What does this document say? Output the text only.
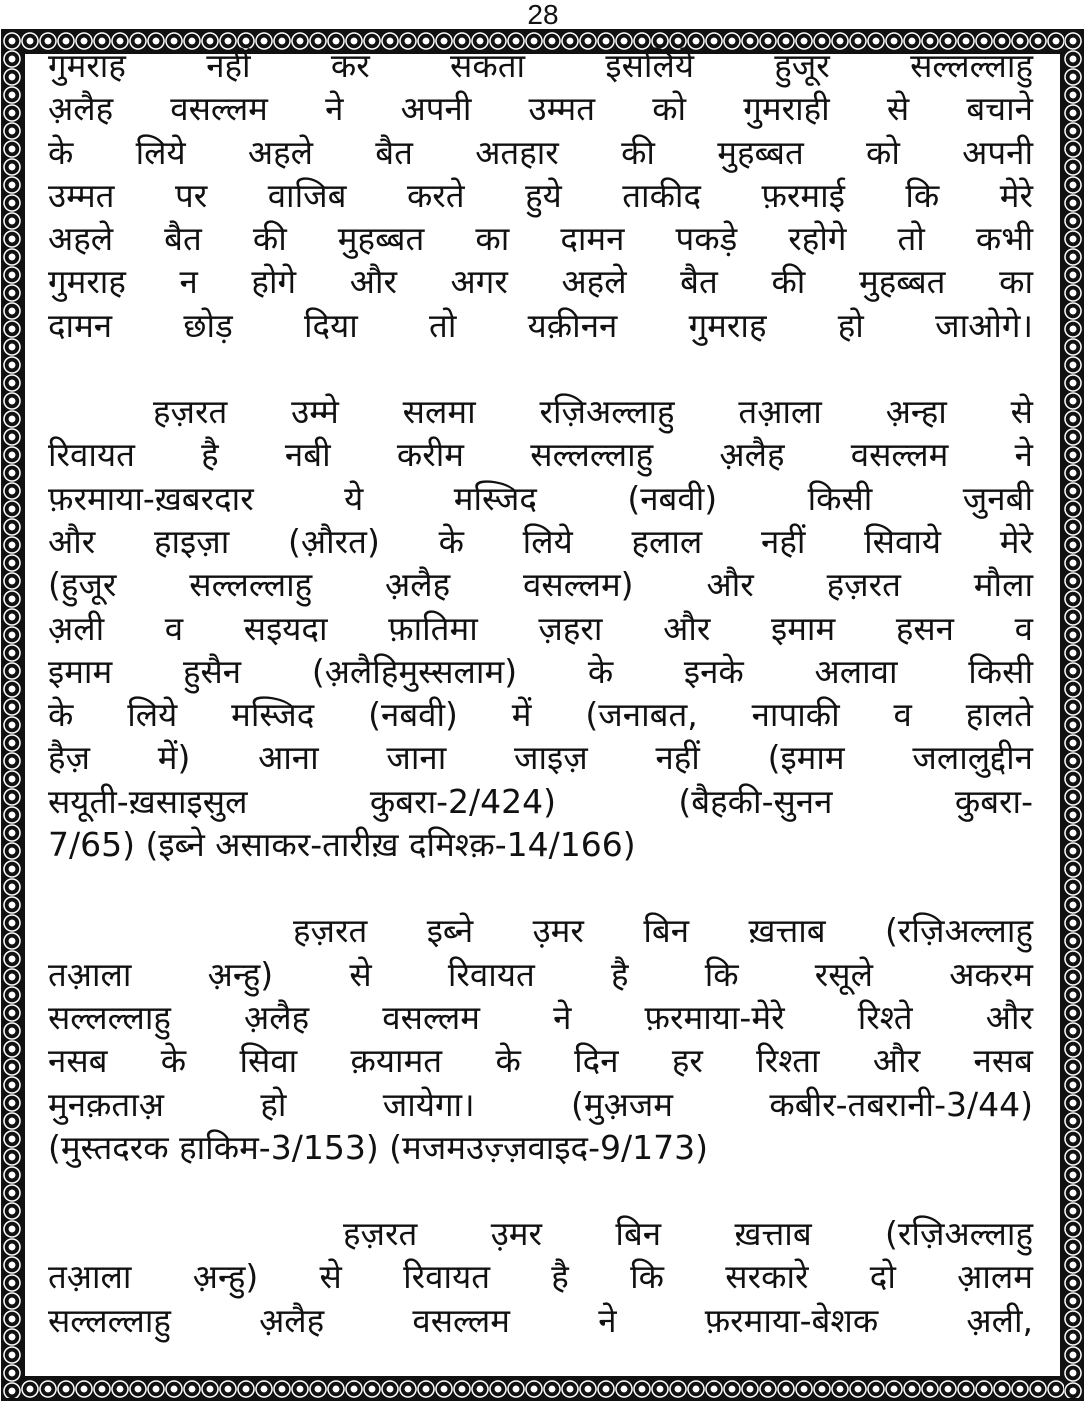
28
गुमराह नहीं कर सकता इसलिये हुजूर सल्लल्लाहु
अ़लैह वसल्लम ने अपनी उम्मत को गुमराही से बचाने
के लिये अहले बैत अतहार की मुहब्बत को अपनी
उम्मत पर वाजिब करते हुये ताकीद फ़रमाई कि मेरे
अहले बैत की मुहब्बत का दामन पकड़े रहोगे तो कभी
गुमराह न होगे और अगर अहले बैत की मुहब्बत का
दामन छोड़ दिया तो यक़ीनन गुमराह हो जाओगे।
हज़रत उम्मे सलमा रज़िअल्लाहु तआ़ला अ़न्हा से
रिवायत है नबी करीम सल्लल्लाहु अ़लैह वसल्लम ने
फ़रमाया-ख़बरदार ये मस्जिद (नबवी) किसी जुनबी
और हाइज़ा (औ़रत) के लिये हलाल नहीं सिवाये मेरे
(हुजूर सल्लल्लाहु अ़लैह वसल्लम) और हज़रत मौला
अ़ली व सइयदा फ़ातिमा ज़हरा और इमाम हसन व
इमाम हुसैन (अ़लैहिमुस्सलाम) के इनके अलावा किसी
के लिये मस्जिद (नबवी) में (जनाबत, नापाकी व हालते
हैज़ में) आना जाना जाइज़ नहीं (इमाम जलालुद्दीन
सयूती-ख़साइसुल कुबरा-2/424) (बैहकी-सुनन कुबरा-
7/65) (इब्ने असाकर-तारीख़ दमिश्क़-14/166)
हज़रत इब्ने उ़मर बिन ख़त्ताब (रज़िअल्लाहु
तआ़ला अ़न्हु) से रिवायत है कि रसूले अकरम
सल्लल्लाहु अ़लैह वसल्लम ने फ़रमाया-मेरे रिश्ते और
नसब के सिवा क़यामत के दिन हर रिश्ता और नसब
मुनक़ताअ़ हो जायेगा। (मुअ़जम कबीर-तबरानी-3/44)
(मुस्तदरक हाकिम-3/153) (मजमउज़्ज़वाइद-9/173)
हज़रत उ़मर बिन ख़त्ताब (रज़िअल्लाहु
तआ़ला अ़न्हु) से रिवायत है कि सरकारे दो आ़लम
सल्लल्लाहु अ़लैह वसल्लम ने फ़रमाया-बेशक अ़ली,
